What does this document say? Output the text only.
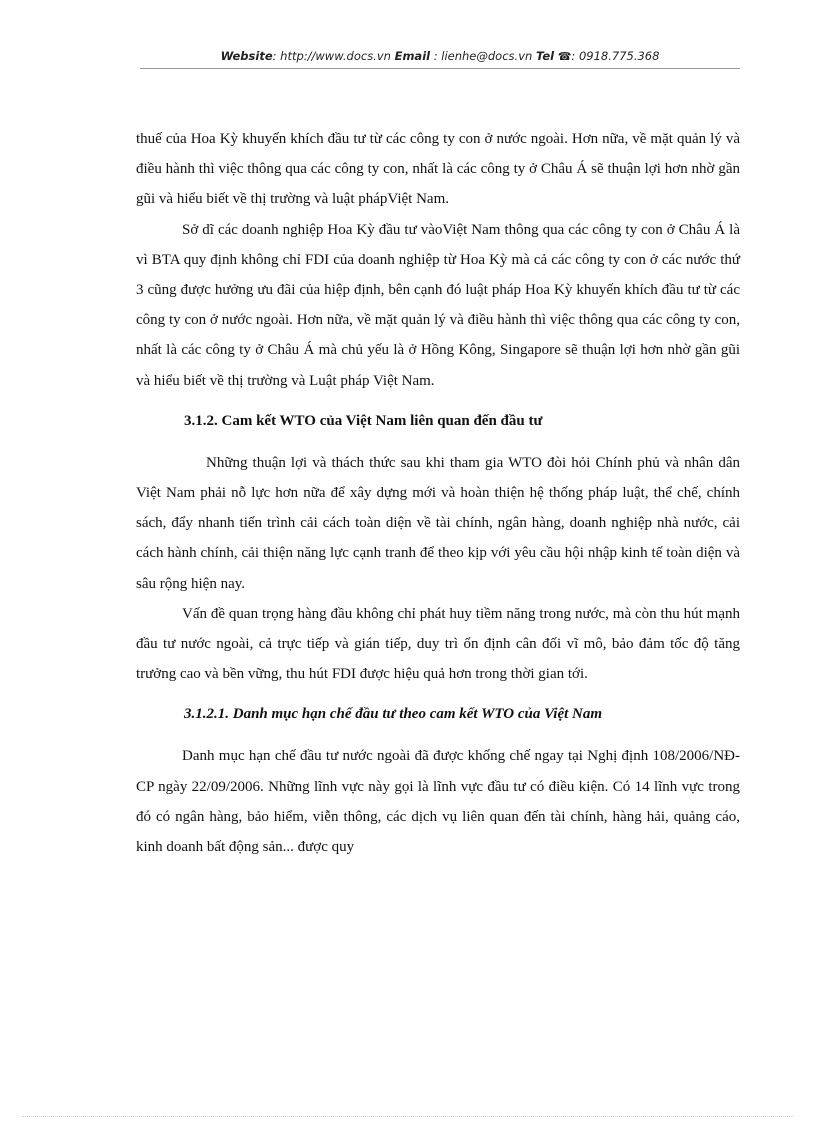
Website: http://www.docs.vn Email : lienhe@docs.vn Tel ☎: 0918.775.368

thuế của Hoa Kỳ khuyến khích đầu tư từ các công ty con ở nước ngoài. Hơn nữa, về mặt quản lý và điều hành thì việc thông qua các công ty con, nhất là các công ty ở Châu Á sẽ thuận lợi hơn nhờ gần gũi và hiểu biết về thị trường và luật phápViệt Nam.

Sở dĩ các doanh nghiệp Hoa Kỳ đầu tư vàoViệt Nam thông qua các công ty con ở Châu Á là vì BTA quy định không chỉ FDI của doanh nghiệp từ Hoa Kỳ mà cả các công ty con ở các nước thứ 3 cũng được hưởng ưu đãi của hiệp định, bên cạnh đó luật pháp Hoa Kỳ khuyến khích đầu tư từ các công ty con ở nước ngoài. Hơn nữa, về mặt quản lý và điều hành thì việc thông qua các công ty con, nhất là các công ty ở Châu Á mà chủ yếu là ở Hồng Kông, Singapore sẽ thuận lợi hơn nhờ gần gũi và hiểu biết về thị trường và Luật pháp Việt Nam.

3.1.2. Cam kết WTO của Việt Nam liên quan đến đầu tư

Những thuận lợi và thách thức sau khi tham gia WTO đòi hỏi Chính phủ và nhân dân Việt Nam phải nỗ lực hơn nữa để xây dựng mới và hoàn thiện hệ thống pháp luật, thể chế, chính sách, đẩy nhanh tiến trình cải cách toàn diện về tài chính, ngân hàng, doanh nghiệp nhà nước, cải cách hành chính, cải thiện năng lực cạnh tranh để theo kịp với yêu cầu hội nhập kinh tế toàn diện và sâu rộng hiện nay.

Vấn đề quan trọng hàng đầu không chỉ phát huy tiềm năng trong nước, mà còn thu hút mạnh đầu tư nước ngoài, cả trực tiếp và gián tiếp, duy trì ổn định cân đối vĩ mô, bảo đảm tốc độ tăng trưởng cao và bền vững, thu hút FDI được hiệu quả hơn trong thời gian tới.

3.1.2.1. Danh mục hạn chế đầu tư theo cam kết WTO của Việt Nam

Danh mục hạn chế đầu tư nước ngoài đã được khống chế ngay tại Nghị định 108/2006/NĐ-CP ngày 22/09/2006. Những lĩnh vực này gọi là lĩnh vực đầu tư có điều kiện. Có 14 lĩnh vực trong đó có ngân hàng, bảo hiểm, viễn thông, các dịch vụ liên quan đến tài chính, hàng hải, quảng cáo, kinh doanh bất động sản... được quy
